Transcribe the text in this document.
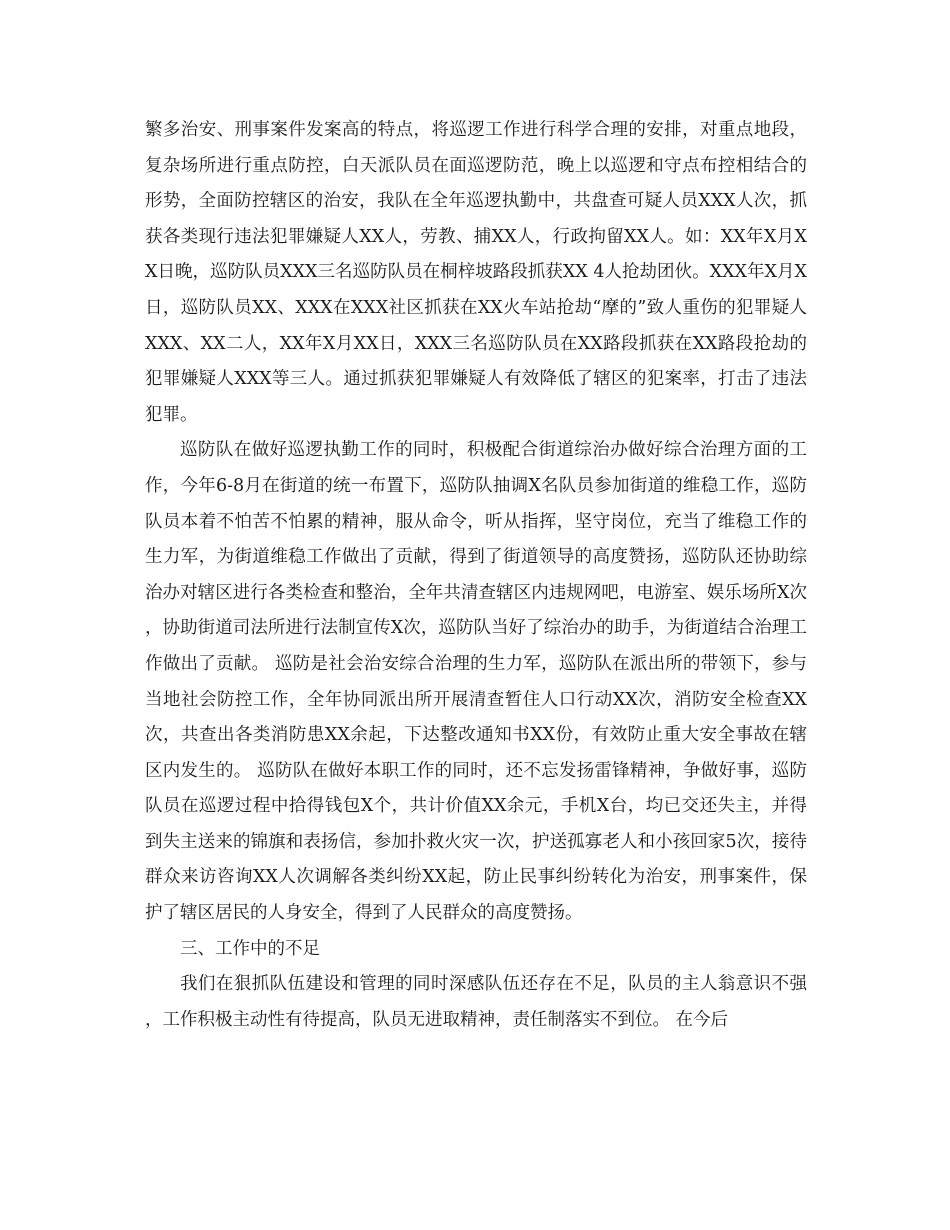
繁多治安、刑事案件发案高的特点，将巡逻工作进行科学合理的安排，对重点地段，复杂场所进行重点防控，白天派队员在面巡逻防范，晚上以巡逻和守点布控相结合的形势，全面防控辖区的治安，我队在全年巡逻执勤中，共盘查可疑人员XXX人次，抓获各类现行违法犯罪嫌疑人XX人，劳教、捕XX人，行政拘留XX人。如：XX年X月XX日晚，巡防队员XXX三名巡防队员在桐梓坡路段抓获XX 4人抢劫团伙。XXX年X月X日，巡防队员XX、XXX在XXX社区抓获在XX火车站抢劫“摩的”致人重伤的犯罪疑人XXX、XX二人，XX年X月XX日，XXX三名巡防队员在XX路段抓获在XX路段抢劫的犯罪嫌疑人XXX等三人。通过抓获犯罪嫌疑人有效降低了辖区的犯案率，打击了违法犯罪。

巡防队在做好巡逻执勤工作的同时，积极配合街道综治办做好综合治理方面的工作，今年6-8月在街道的统一布置下，巡防队抽调X名队员参加街道的维稳工作，巡防队员本着不怕苦不怕累的精神，服从命令，听从指挥，坚守岗位，充当了维稳工作的生力军，为街道维稳工作做出了贡献，得到了街道领导的高度赞扬，巡防队还协助综治办对辖区进行各类检查和整治，全年共清查辖区内违规网吧，电游室、娱乐场所X次，协助街道司法所进行法制宣传X次，巡防队当好了综治办的助手，为街道结合治理工作做出了贡献。 巡防是社会治安综合治理的生力军，巡防队在派出所的带领下，参与当地社会防控工作，全年协同派出所开展清查暂住人口行动XX次，消防安全检查XX次，共查出各类消防患XX余起，下达整改通知书XX份，有效防止重大安全事故在辖区内发生的。 巡防队在做好本职工作的同时，还不忘发扬雷锋精神，争做好事，巡防队员在巡逻过程中拾得钱包X个，共计价值XX余元，手机X台，均已交还失主，并得到失主送来的锦旗和表扬信，参加扑救火灾一次，护送孤寡老人和小孩回家5次，接待群众来访咨询XX人次调解各类纠纷XX起，防止民事纠纷转化为治安，刑事案件，保护了辖区居民的人身安全，得到了人民群众的高度赞扬。

三、工作中的不足

我们在狠抓队伍建设和管理的同时深感队伍还存在不足，队员的主人翁意识不强，工作积极主动性有待提高，队员无进取精神，责任制落实不到位。 在今后
